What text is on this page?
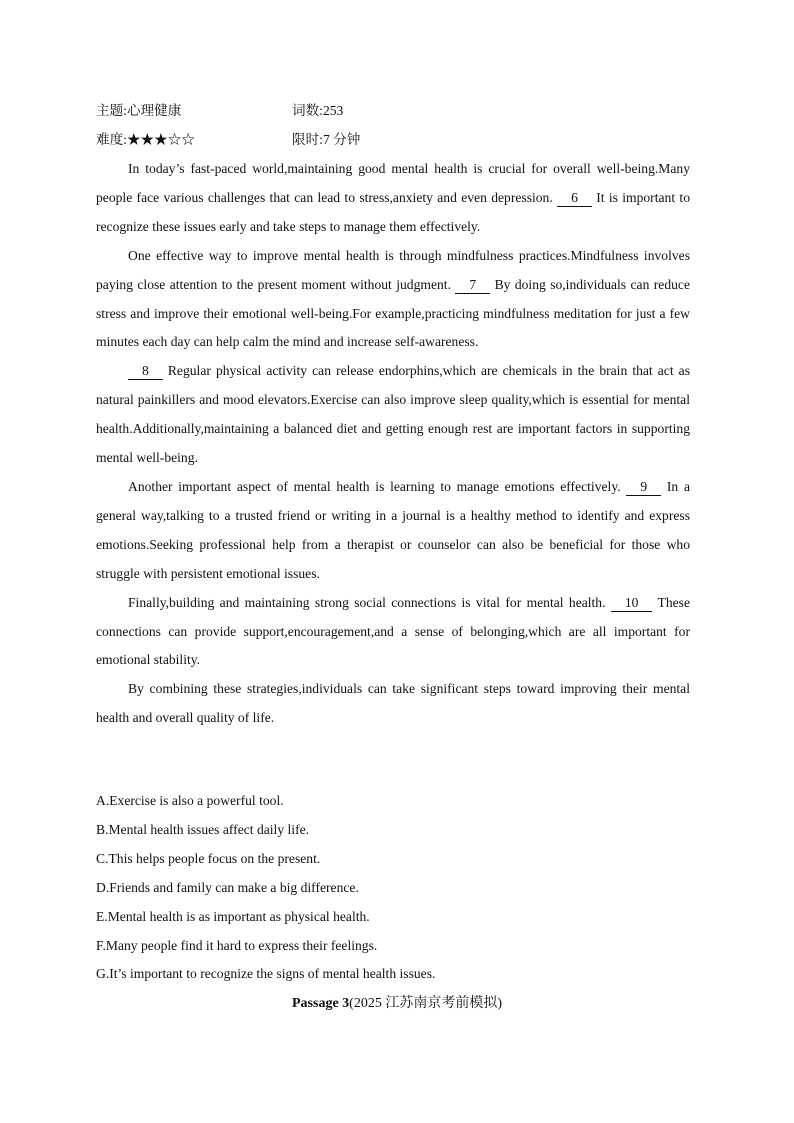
主题:心理健康	词数:253
难度:★★★☆☆	限时:7 分钟

In today’s fast-paced world,maintaining good mental health is crucial for overall well-being.Many people face various challenges that can lead to stress,anxiety and even depression. 6 It is important to recognize these issues early and take steps to manage them effectively.

One effective way to improve mental health is through mindfulness practices.Mindfulness involves paying close attention to the present moment without judgment. 7 By doing so,individuals can reduce stress and improve their emotional well-being.For example,practicing mindfulness meditation for just a few minutes each day can help calm the mind and increase self-awareness.

8 Regular physical activity can release endorphins,which are chemicals in the brain that act as natural painkillers and mood elevators.Exercise can also improve sleep quality,which is essential for mental health.Additionally,maintaining a balanced diet and getting enough rest are important factors in supporting mental well-being.

Another important aspect of mental health is learning to manage emotions effectively. 9 In a general way,talking to a trusted friend or writing in a journal is a healthy method to identify and express emotions.Seeking professional help from a therapist or counselor can also be beneficial for those who struggle with persistent emotional issues.

Finally,building and maintaining strong social connections is vital for mental health. 10 These connections can provide support,encouragement,and a sense of belonging,which are all important for emotional stability.

By combining these strategies,individuals can take significant steps toward improving their mental health and overall quality of life.

A.Exercise is also a powerful tool.

B.Mental health issues affect daily life.

C.This helps people focus on the present.

D.Friends and family can make a big difference.

E.Mental health is as important as physical health.

F.Many people find it hard to express their feelings.

G.It’s important to recognize the signs of mental health issues.

Passage 3(2025 江苏南京考前模拟)
